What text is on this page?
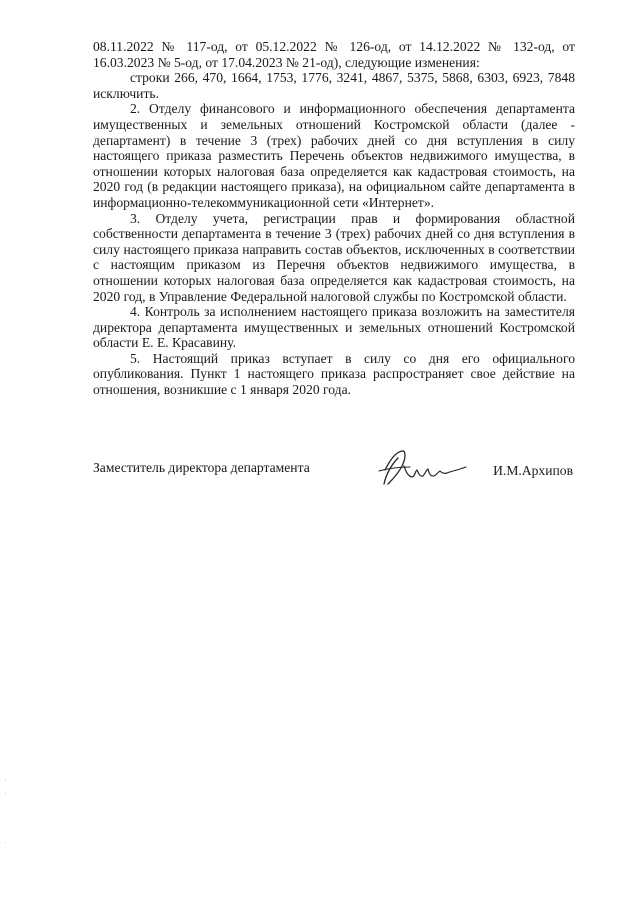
08.11.2022 № 117-од, от 05.12.2022 № 126-од, от 14.12.2022 № 132-од, от 16.03.2023 № 5-од, от 17.04.2023 № 21-од), следующие изменения:

строки 266, 470, 1664, 1753, 1776, 3241, 4867, 5375, 5868, 6303, 6923, 7848 исключить.

2. Отделу финансового и информационного обеспечения департамента имущественных и земельных отношений Костромской области (далее - департамент) в течение 3 (трех) рабочих дней со дня вступления в силу настоящего приказа разместить Перечень объектов недвижимого имущества, в отношении которых налоговая база определяется как кадастровая стоимость, на 2020 год (в редакции настоящего приказа), на официальном сайте департамента в информационно-телекоммуникационной сети «Интернет».

3. Отделу учета, регистрации прав и формирования областной собственности департамента в течение 3 (трех) рабочих дней со дня вступления в силу настоящего приказа направить состав объектов, исключенных в соответствии с настоящим приказом из Перечня объектов недвижимого имущества, в отношении которых налоговая база определяется как кадастровая стоимость, на 2020 год, в Управление Федеральной налоговой службы по Костромской области.

4. Контроль за исполнением настоящего приказа возложить на заместителя директора департамента имущественных и земельных отношений Костромской области Е. Е. Красавину.

5. Настоящий приказ вступает в силу со дня его официального опубликования. Пункт 1 настоящего приказа распространяет свое действие на отношения, возникшие с 1 января 2020 года.

Заместитель директора департамента	И.М.Архипов
